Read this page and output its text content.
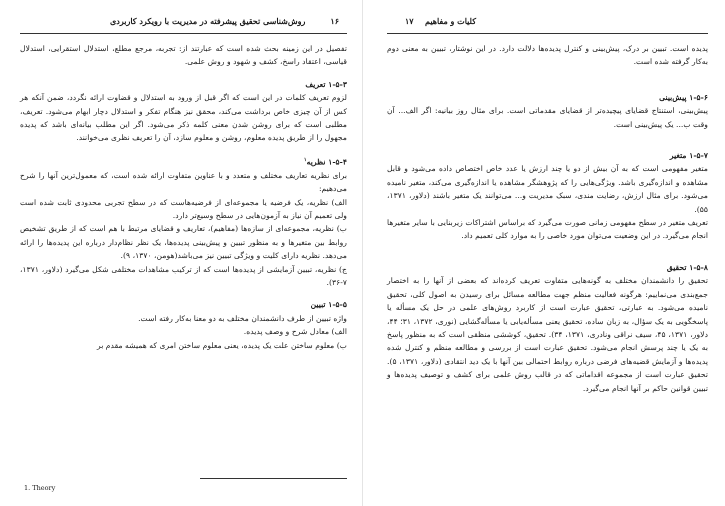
۱۶
روش‌شناسی تحقیق پیشرفته در مدیریت با رویکرد کاربردی

تفصیل در این زمینه بحث شده است که عبارتند از: تجربه، مرجع مطلع، استدلال استقرایی، استدلال قیاسی، اعتقاد راسخ، کشف و شهود و روش علمی.

۱-۵-۳ تعریف

لزوم تعریف کلمات در این است که اگر قبل از ورود به استدلال و قضاوت ارائه نگردد، ضمن آنکه هر کس از آن چیزی خاص برداشت می‌کند، محقق نیز هنگام تفکر و استدلال دچار ابهام می‌شود. تعریف، مطلبی است که برای روشن شدن معنی کلمه ذکر می‌شود. اگر این مطلب بیانه‌ای باشد که پدیده مجهول را از طریق پدیده معلوم، روشن و معلوم سازد، آن را تعریف نظری می‌خوانند.

۱-۵-۴ نظریه$^۱$

برای نظریه تعاریف مختلف و متعدد و با عناوین متفاوت ارائه شده است، که معمول‌ترین آنها را شرح می‌دهیم:

الف) نظریه، یک فرضیه یا مجموعه‌ای از فرضیه‌هاست که در سطح تجربی محدودی ثابت شده است ولی تعمیم آن نیاز به آزمون‌هایی در سطح وسیع‌تر دارد.

ب) نظریه، مجموعه‌ای از سازه‌ها (مفاهیم)، تعاریف و قضایای مرتبط با هم است که از طریق تشخیص روابط بین متغیرها و به منظور تبیین و پیش‌بینی پدیده‌ها، یک نظر نظام‌دار درباره این پدیده‌ها را ارائه می‌دهد. نظریه دارای کلیت و ویژگی تبیین نیز می‌باشد(هومن، ۱۳۷۰، ۹).

ج) نظریه، تبیین آزمایشی از پدیده‌ها است که از ترکیب مشاهدات مختلفی شکل می‌گیرد (دلاور، ۱۳۷۱، ۷-۳۶).

۱-۵-۵ تبیین

واژه تبیین از طرف دانشمندان مختلف به دو معنا به‌کار رفته است.

الف) معادل شرح و وصف پدیده.

ب) معلوم ساختن علت یک پدیده، یعنی معلوم ساختن امری که همیشه مقدم بر

1. Theory
۱۷ کلیات و مفاهیم

پدیده است. تبیین بر درک، پیش‌بینی و کنترل پدیده‌ها دلالت دارد. در این نوشتار، تبیین به معنی دوم به‌کار گرفته شده است.

۱-۵-۶ پیش‌بینی

پیش‌بینی، استنتاج قضایای پیچیده‌تر از قضایای مقدماتی است. برای مثال روز بیانیه: اگر الف... آن وقت ب... یک پیش‌بینی است.

۱-۵-۷ متغیر

متغیر مفهومی است که به آن بیش از دو یا چند ارزش یا عدد خاص اختصاص داده می‌شود و قابل مشاهده و اندازه‌گیری باشد. ویژگی‌هایی را که پژوهشگر مشاهده یا اندازه‌گیری می‌کند، متغیر نامیده می‌شود. برای مثال ارزش، رضایت مندی، سبک مدیریت و... می‌توانند یک متغیر باشند (دلاور، ۱۳۷۱، ۵۵).

تعریف متغیر در سطح مفهومی زمانی صورت می‌گیرد که براساس اشتراکات زیربنایی با سایر متغیرها انجام می‌گیرد. در این وضعیت می‌توان مورد خاصی را به موارد کلی تعمیم داد.

۱-۵-۸ تحقیق

تحقیق را دانشمندان مختلف به گونه‌هایی متفاوت تعریف کرده‌اند که بعضی از آنها را به اختصار جمع‌بندی می‌نماییم: هرگونه فعالیت منظم جهت مطالعه مسائل برای رسیدن به اصول کلی، تحقیق نامیده می‌شود. به عبارتی، تحقیق عبارت است از کاربرد روش‌های علمی در حل یک مسأله یا پاسخگویی به یک سؤال، به زبان ساده، تحقیق یعنی مسأله‌یابی یا مسأله‌گشایی (نوری، ۱۳۷۲، ۳۱؛ ۴۴، دلاور، ۱۳۷۱، ۴۵، سیف نراقی ونادری، ۱۳۷۱، ۳۴). تحقیق، کوششی منظقی است که به منظور پاسخ به یک یا چند پرسش انجام می‌شود. تحقیق عبارت است از بررسی و مطالعه منظم و کنترل شده پدیده‌ها و آزمایش قضیه‌های فرضی درباره روابط احتمالی بین آنها با یک دید انتقادی (دلاور، ۱۳۷۱، ۵). تحقیق عبارت است از مجموعه اقداماتی که در قالب روش علمی برای کشف و توصیف پدیده‌ها و تبیین قوانین حاکم بر آنها انجام می‌گیرد.
